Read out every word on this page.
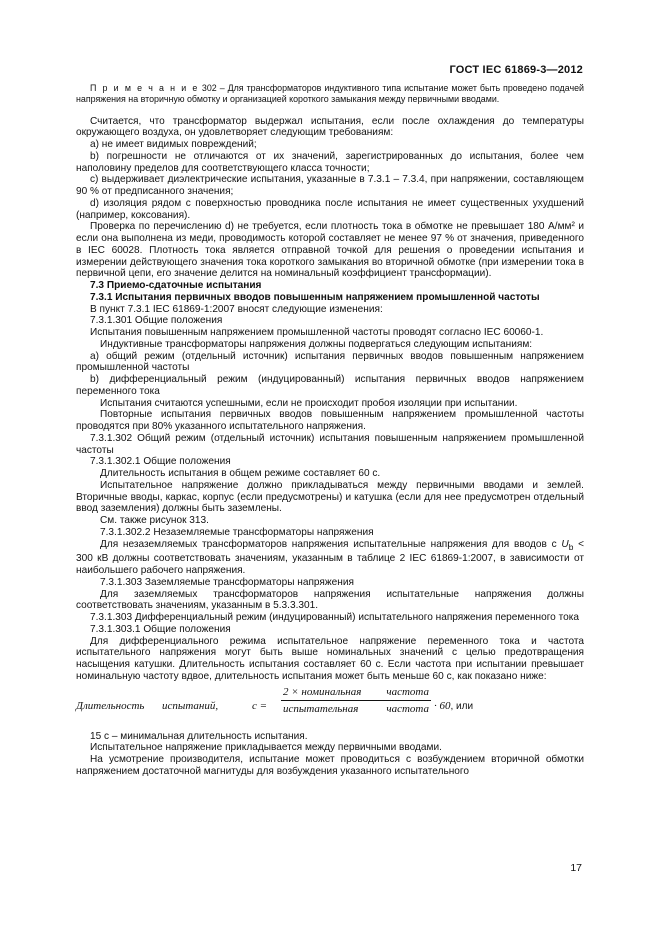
ГОСТ IEC 61869-3—2012

П р и м е ч а н и е 302 – Для трансформаторов индуктивного типа испытание может быть проведено подачей напряжения на вторичную обмотку и организацией короткого замыкания между первичными вводами.

Считается, что трансформатор выдержал испытания, если после охлаждения до температуры окружающего воздуха, он удовлетворяет следующим требованиям:

a) не имеет видимых повреждений;

b) погрешности не отличаются от их значений, зарегистрированных до испытания, более чем наполовину пределов для соответствующего класса точности;

c) выдерживает диэлектрические испытания, указанные в 7.3.1 – 7.3.4, при напряжении, составляющем 90 % от предписанного значения;

d) изоляция рядом с поверхностью проводника после испытания не имеет существенных ухудшений (например, коксования).

Проверка по перечислению d) не требуется, если плотность тока в обмотке не превышает 180 А/мм² и если она выполнена из меди, проводимость которой составляет не менее 97 % от значения, приведенного в IEC 60028. Плотность тока является отправной точкой для решения о проведении испытания и измерении действующего значения тока короткого замыкания во вторичной обмотке (при измерении тока в первичной цепи, его значение делится на номинальный коэффициент трансформации).

7.3 Приемо-сдаточные испытания

7.3.1 Испытания первичных вводов повышенным напряжением промышленной частоты

В пункт 7.3.1 IEC 61869-1:2007 вносят следующие изменения:

7.3.1.301 Общие положения

Испытания повышенным напряжением промышленной частоты проводят согласно IEC 60060-1.

Индуктивные трансформаторы напряжения должны подвергаться следующим испытаниям:

a) общий режим (отдельный источник) испытания первичных вводов повышенным напряжением промышленной частоты

b) дифференциальный режим (индуцированный) испытания первичных вводов напряжением переменного тока

Испытания считаются успешными, если не происходит пробоя изоляции при испытании.

Повторные испытания первичных вводов повышенным напряжением промышленной частоты проводятся при 80% указанного испытательного напряжения.

7.3.1.302 Общий режим (отдельный источник) испытания повышенным напряжением промышленной частоты

7.3.1.302.1 Общие положения

Длительность испытания в общем режиме составляет 60 с.

Испытательное напряжение должно прикладываться между первичными вводами и землей. Вторичные вводы, каркас, корпус (если предусмотрены) и катушка (если для нее предусмотрен отдельный ввод заземления) должны быть заземлены.

См. также рисунок 313.

7.3.1.302.2 Незаземляемые трансформаторы напряжения

Для незаземляемых трансформаторов напряжения испытательные напряжения для вводов с $U_b < 300$ кВ должны соответствовать значениям, указанным в таблице 2 IEC 61869-1:2007, в зависимости от наибольшего рабочего напряжения.

7.3.1.303 Заземляемые трансформаторы напряжения

Для заземляемых трансформаторов напряжения испытательные напряжения должны соответствовать значениям, указанным в 5.3.3.301.

7.3.1.303 Дифференциальный режим (индуцированный) испытательного напряжения переменного тока

7.3.1.303.1 Общие положения

Для дифференциального режима испытательное напряжение переменного тока и частота испытательного напряжения могут быть выше номинальных значений с целью предотвращения насыщения катушки. Длительность испытания составляет 60 с. Если частота при испытании превышает номинальную частоту вдвое, длительность испытания может быть меньше 60 с, как показано ниже:

Длительность испытаний,	c =
2 × номинальная частота
испытательная	частота · 60, или

15 с – минимальная длительность испытания.

Испытательное напряжение прикладывается между первичными вводами.

На усмотрение производителя, испытание может проводиться с возбуждением вторичной обмотки напряжением достаточной магнитуды для возбуждения указанного испытательного

17
